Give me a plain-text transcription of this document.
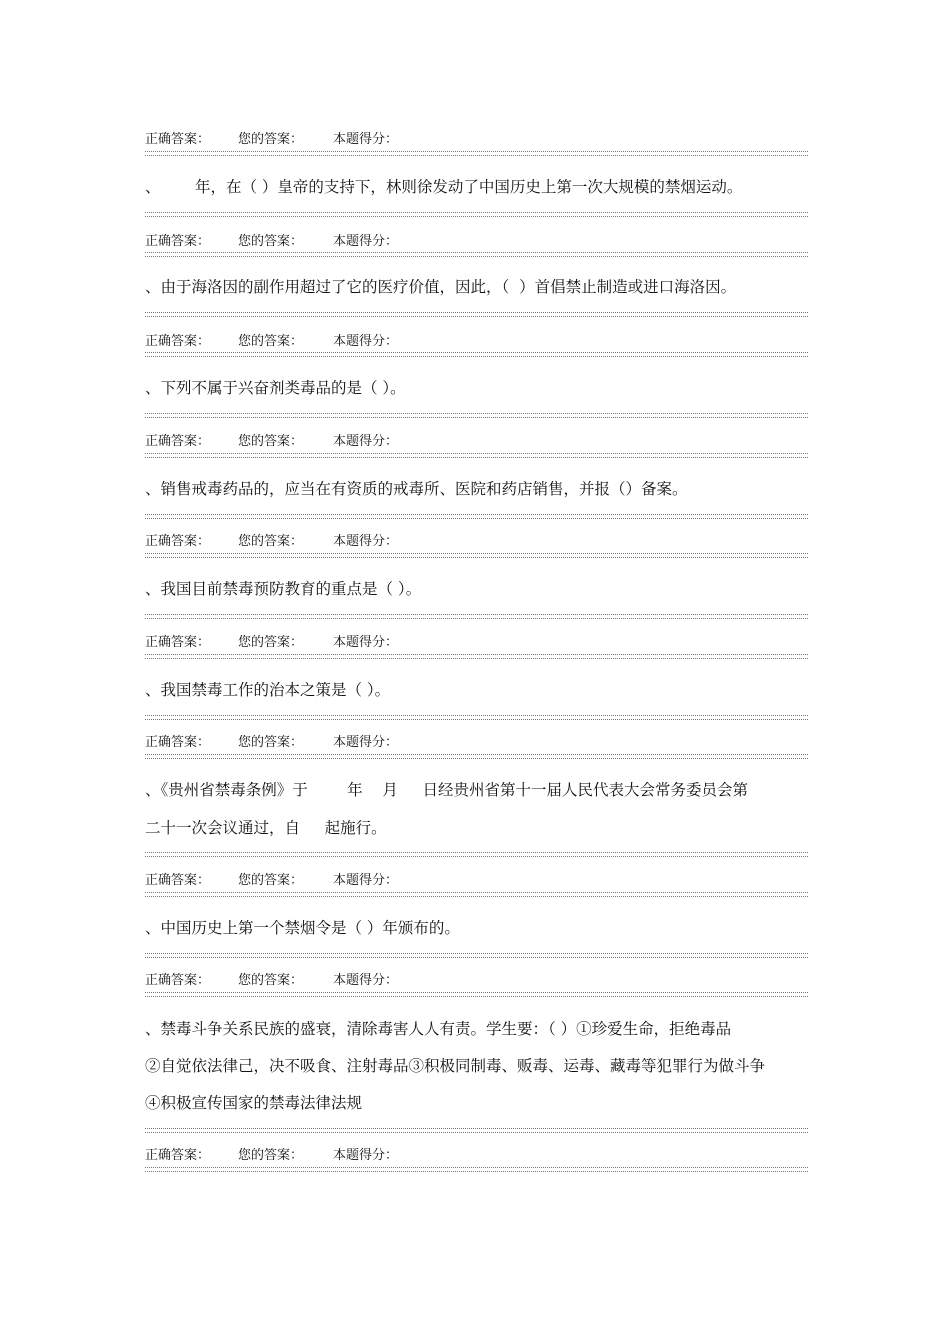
正确答案： 您的答案： 本题得分：
、       年，在（ ）皇帝的支持下，林则徐发动了中国历史上第一次大规模的禁烟运动。
正确答案： 您的答案： 本题得分：
、由于海洛因的副作用超过了它的医疗价值，因此，（  ）首倡禁止制造或进口海洛因。
正确答案： 您的答案： 本题得分：
、下列不属于兴奋剂类毒品的是（ ）。
正确答案： 您的答案： 本题得分：
、销售戒毒药品的，应当在有资质的戒毒所、医院和药店销售，并报（）备案。
正确答案： 您的答案： 本题得分：
、我国目前禁毒预防教育的重点是（ ）。
正确答案： 您的答案： 本题得分：
、我国禁毒工作的治本之策是（ ）。
正确答案： 您的答案： 本题得分：
、《贵州省禁毒条例》于        年    月     日经贵州省第十一届人民代表大会常务委员会第
二十一次会议通过，自     起施行。
正确答案： 您的答案： 本题得分：
、中国历史上第一个禁烟令是（ ）年颁布的。
正确答案： 您的答案： 本题得分：
、禁毒斗争关系民族的盛衰，清除毒害人人有责。学生要：（ ）①珍爱生命，拒绝毒品
②自觉依法律己，决不吸食、注射毒品③积极同制毒、贩毒、运毒、藏毒等犯罪行为做斗争
④积极宣传国家的禁毒法律法规
正确答案： 您的答案： 本题得分：
